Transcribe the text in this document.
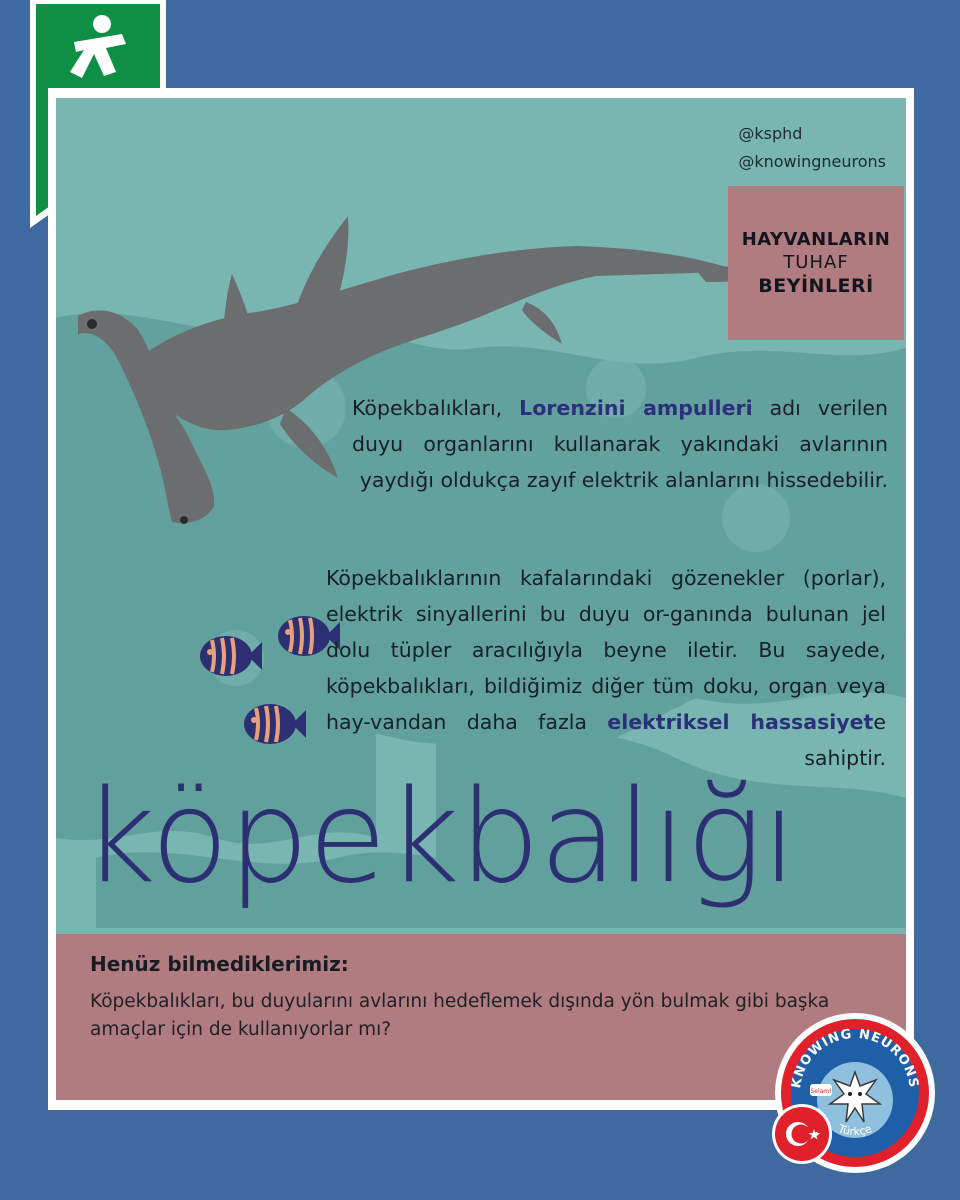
@ksphd
@knowingneurons
HAYVANLARIN
TUHAF
BEYİNLERİ
Köpekbalıkları, Lorenzini ampulleri adı verilen duyu organlarını kullanarak yakındaki avlarının yaydığı oldukça zayıf elektrik alanlarını hissedebilir.
Köpekbalıklarının kafalarındaki gözenekler (porlar), elektrik sinyallerini bu duyu or-ganında bulunan jel dolu tüpler aracılığıyla beyne iletir. Bu sayede, köpekbalıkları, bildiğimiz diğer tüm doku, organ veya hay-vandan daha fazla elektriksel hassasiyete sahiptir.
köpekbalığı
Henüz bilmediklerimiz:
Köpekbalıkları, bu duyularını avlarını hedeflemek dışında yön bulmak gibi başka amaçlar için de kullanıyorlar mı?
Selam!
KNOWING NEURONS
Türkçe
